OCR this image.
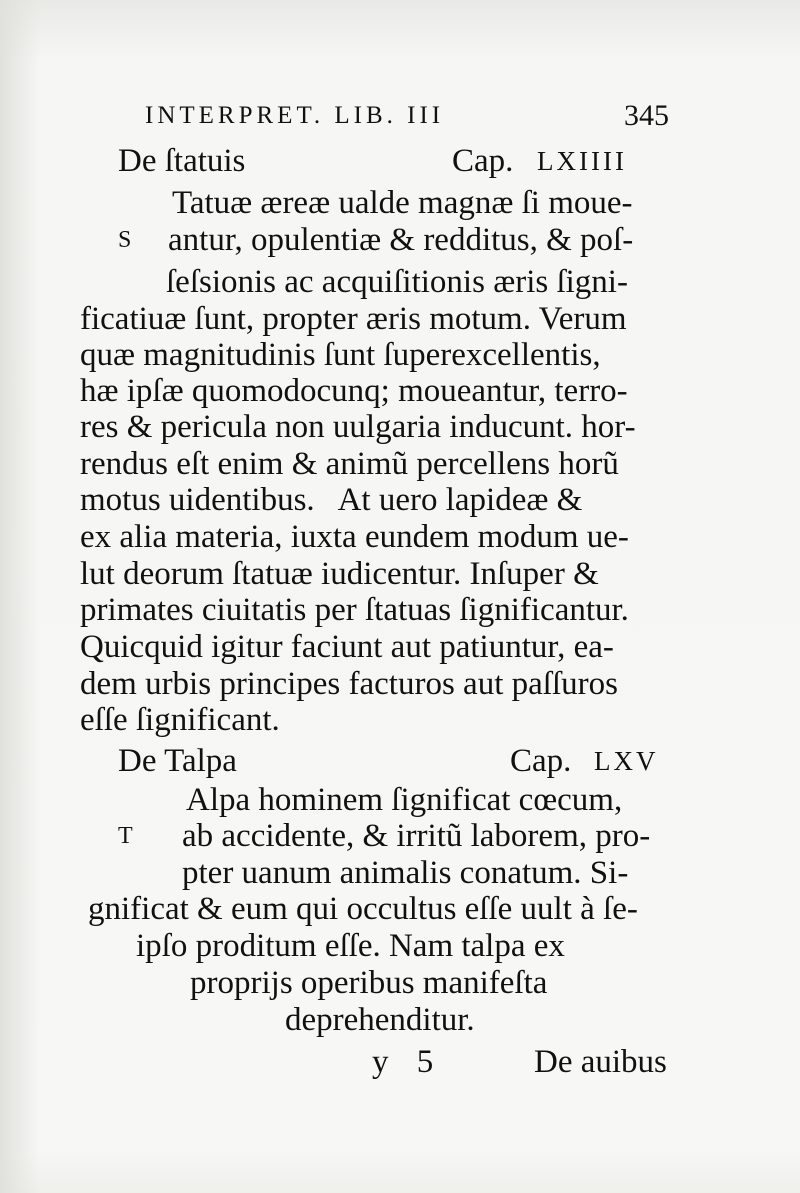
INTERPRET. LIB. III	345
De ſtatuis	Cap. LXIIII
Tatuæ æreæ ualde magnæ ſi moue-
S antur, opulentiæ & redditus, & poſ-
ſeſsionis ac acquiſitionis æris ſigni-
ficatiuæ ſunt, propter æris motum. Verum
quæ magnitudinis ſunt ſuperexcellentis,
hæ ipſæ quomodocunq; moueantur, terro-
res & pericula non uulgaria inducunt. hor-
rendus eſt enim & animũ percellens horũ
motus uidentibus.   At uero lapideæ &
ex alia materia, iuxta eundem modum ue-
lut deorum ſtatuæ iudicentur. Inſuper &
primates ciuitatis per ſtatuas ſignificantur.
Quicquid igitur faciunt aut patiuntur, ea-
dem urbis principes facturos aut paſſuros
eſſe ſignificant.
De Talpa	Cap. LXV
Alpa hominem ſignificat cœcum,
T ab accidente, & irritũ laborem, pro-
pter uanum animalis conatum. Si-
gnificat & eum qui occultus eſſe uult à ſe-
ipſo proditum eſſe. Nam talpa ex
proprijs operibus manifeſta
deprehenditur.
y 5	De auibus
